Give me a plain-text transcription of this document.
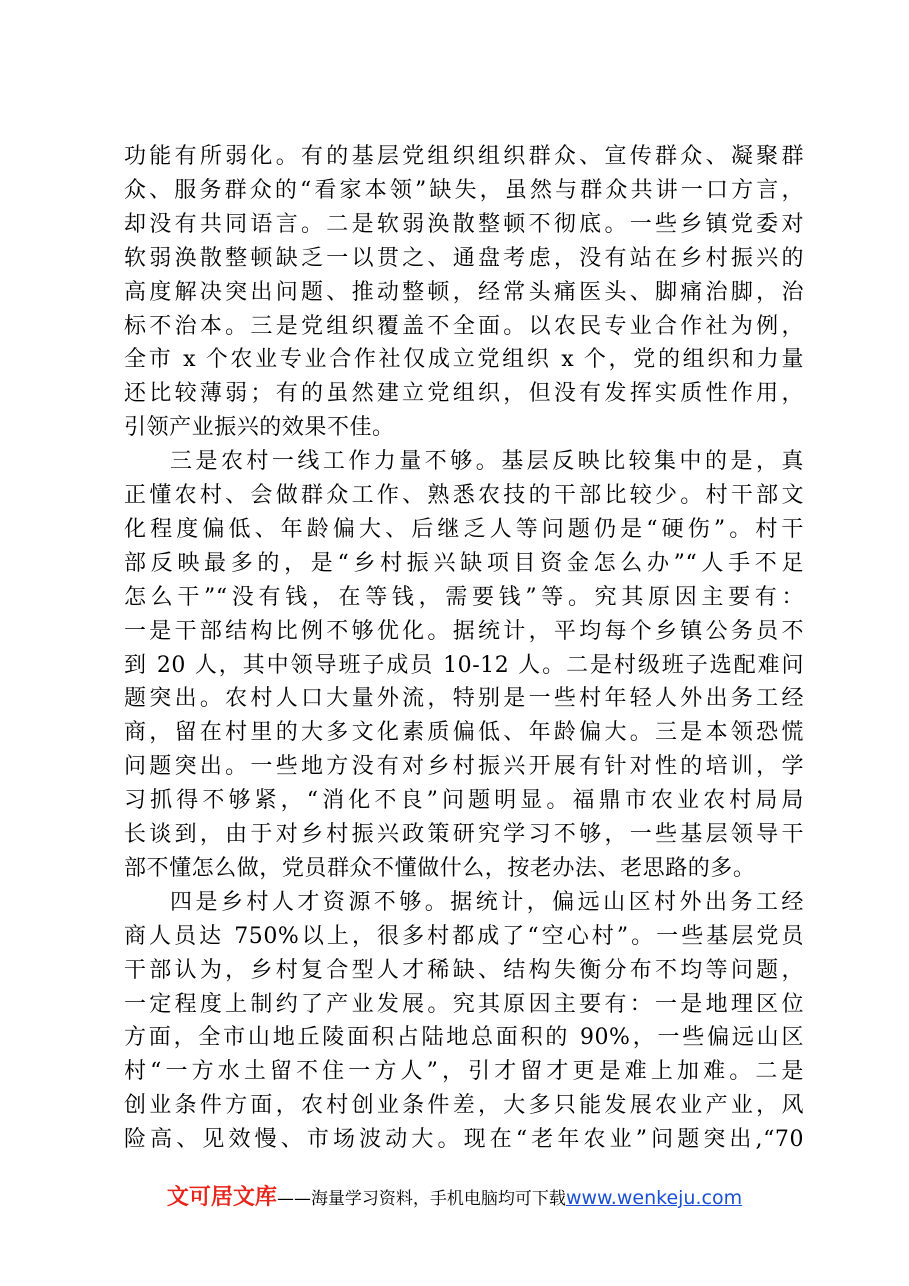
功能有所弱化。有的基层党组织组织群众、宣传群众、凝聚群
众、服务群众的“看家本领”缺失，虽然与群众共讲一口方言，
却没有共同语言。二是软弱涣散整顿不彻底。一些乡镇党委对
软弱涣散整顿缺乏一以贯之、通盘考虑，没有站在乡村振兴的
高度解决突出问题、推动整顿，经常头痛医头、脚痛治脚，治
标不治本。三是党组织覆盖不全面。以农民专业合作社为例，
全市 x 个农业专业合作社仅成立党组织 x 个，党的组织和力量
还比较薄弱；有的虽然建立党组织，但没有发挥实质性作用，
引领产业振兴的效果不佳。
三是农村一线工作力量不够。基层反映比较集中的是，真
正懂农村、会做群众工作、熟悉农技的干部比较少。村干部文
化程度偏低、年龄偏大、后继乏人等问题仍是“硬伤”。村干
部反映最多的，是“乡村振兴缺项目资金怎么办”“人手不足
怎么干”“没有钱，在等钱，需要钱”等。究其原因主要有：
一是干部结构比例不够优化。据统计，平均每个乡镇公务员不
到 20 人，其中领导班子成员 10-12 人。二是村级班子选配难问
题突出。农村人口大量外流，特别是一些村年轻人外出务工经
商，留在村里的大多文化素质偏低、年龄偏大。三是本领恐慌
问题突出。一些地方没有对乡村振兴开展有针对性的培训，学
习抓得不够紧，“消化不良”问题明显。福鼎市农业农村局局
长谈到，由于对乡村振兴政策研究学习不够，一些基层领导干
部不懂怎么做，党员群众不懂做什么，按老办法、老思路的多。
四是乡村人才资源不够。据统计，偏远山区村外出务工经
商人员达 750%以上，很多村都成了“空心村”。一些基层党员
干部认为，乡村复合型人才稀缺、结构失衡分布不均等问题，
一定程度上制约了产业发展。究其原因主要有：一是地理区位
方面，全市山地丘陵面积占陆地总面积的 90%，一些偏远山区
村“一方水土留不住一方人”，引才留才更是难上加难。二是
创业条件方面，农村创业条件差，大多只能发展农业产业，风
险高、见效慢、市场波动大。现在“老年农业”问题突出,“70
文可居文库——海量学习资料，手机电脑均可下载www.wenkeju.com
